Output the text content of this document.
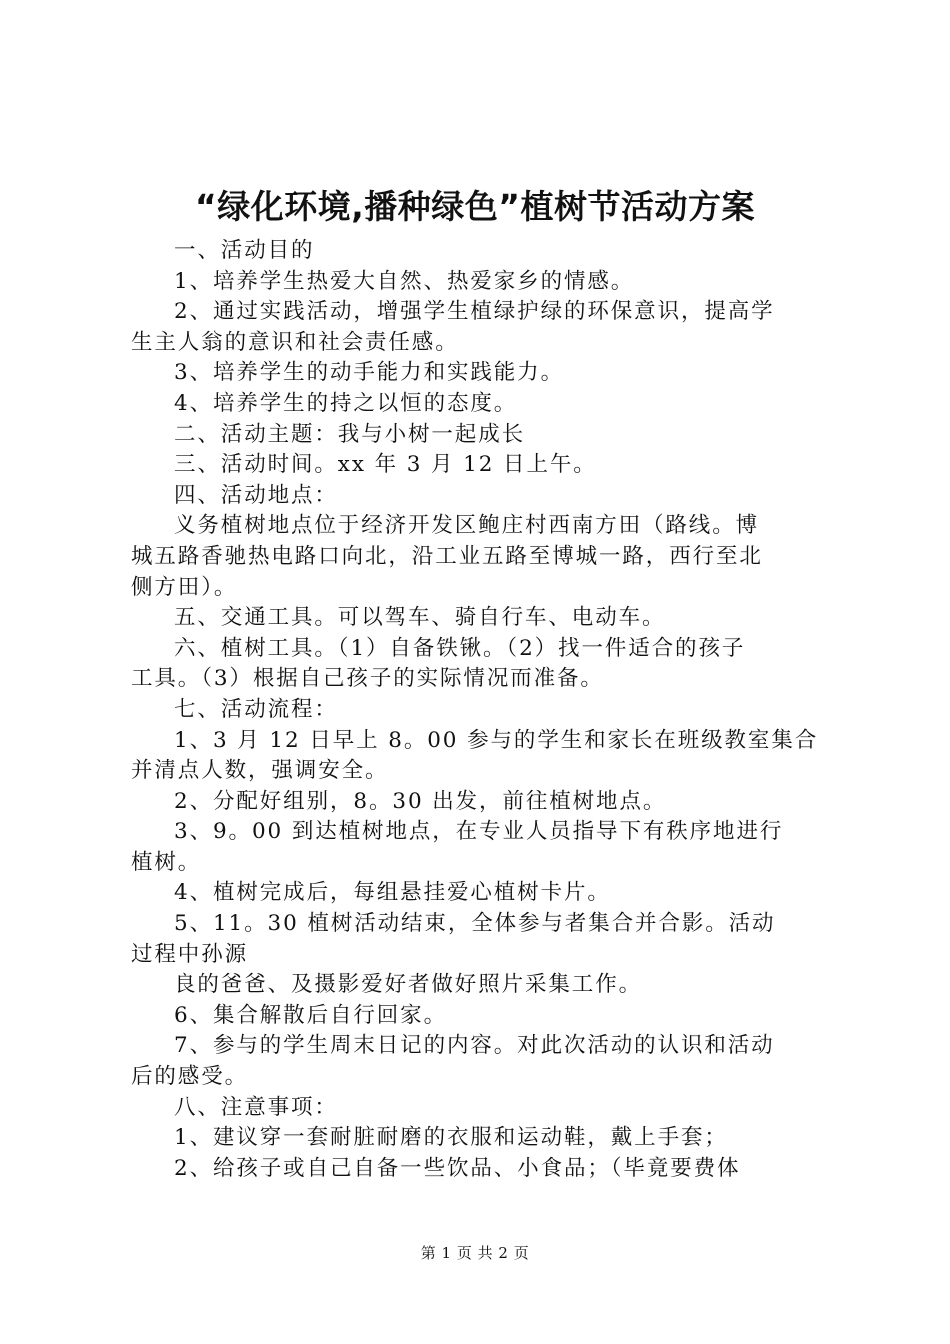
“绿化环境,播种绿色”植树节活动方案
一、活动目的
1、培养学生热爱大自然、热爱家乡的情感。
2、通过实践活动，增强学生植绿护绿的环保意识，提高学
生主人翁的意识和社会责任感。
3、培养学生的动手能力和实践能力。
4、培养学生的持之以恒的态度。
二、活动主题：我与小树一起成长
三、活动时间。xx 年 3 月 12 日上午。
四、活动地点：
义务植树地点位于经济开发区鲍庄村西南方田（路线。博
城五路香驰热电路口向北，沿工业五路至博城一路，西行至北
侧方田）。
五、交通工具。可以驾车、骑自行车、电动车。
六、植树工具。（1）自备铁锹。（2）找一件适合的孩子
工具。（3）根据自己孩子的实际情况而准备。
七、活动流程：
1、3 月 12 日早上 8。00 参与的学生和家长在班级教室集合
并清点人数，强调安全。
2、分配好组别，8。30 出发，前往植树地点。
3、9。00 到达植树地点，在专业人员指导下有秩序地进行
植树。
4、植树完成后，每组悬挂爱心植树卡片。
5、11。30 植树活动结束，全体参与者集合并合影。活动
过程中孙源
良的爸爸、及摄影爱好者做好照片采集工作。
6、集合解散后自行回家。
7、参与的学生周末日记的内容。对此次活动的认识和活动
后的感受。
八、注意事项：
1、建议穿一套耐脏耐磨的衣服和运动鞋，戴上手套；
2、给孩子或自己自备一些饮品、小食品；（毕竟要费体
第 1 页 共 2 页
